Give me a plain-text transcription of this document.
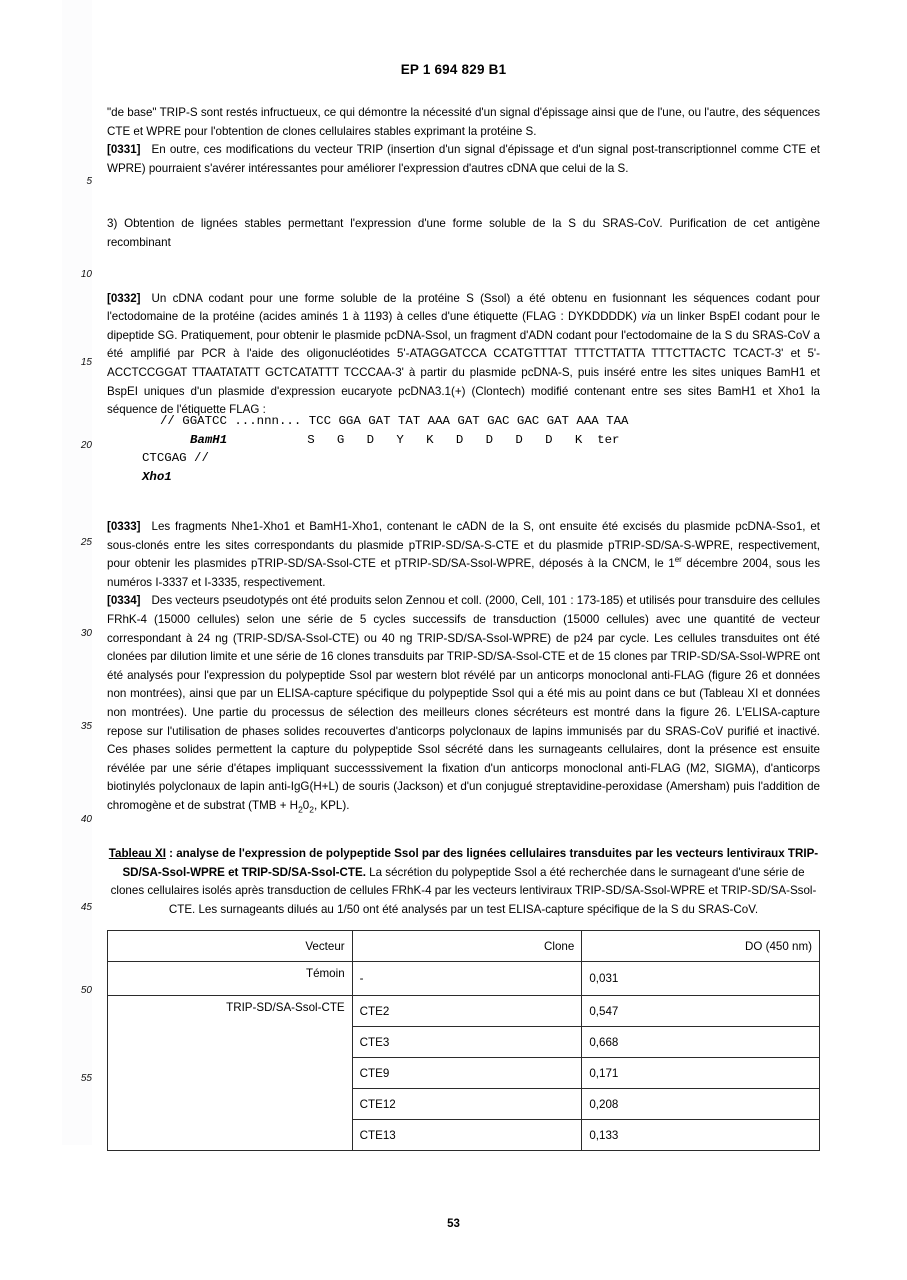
EP 1 694 829 B1
5
10
15
20
25
30
35
40
45
50
55

"de base" TRIP-S sont restés infructueux, ce qui démontre la nécessité d'un signal d'épissage ainsi que de l'une, ou l'autre, des séquences CTE et WPRE pour l'obtention de clones cellulaires stables exprimant la protéine S.

[0331] En outre, ces modifications du vecteur TRIP (insertion d'un signal d'épissage et d'un signal post-transcriptionnel comme CTE et WPRE) pourraient s'avérer intéressantes pour améliorer l'expression d'autres cDNA que celui de la S.

3) Obtention de lignées stables permettant l'expression d'une forme soluble de la S du SRAS-CoV. Purification de cet antigène recombinant

[0332] Un cDNA codant pour une forme soluble de la protéine S (Ssol) a été obtenu en fusionnant les séquences codant pour l'ectodomaine de la protéine (acides aminés 1 à 1193) à celles d'une étiquette (FLAG : DYKDDDDK) via un linker BspEI codant pour le dipeptide SG. Pratiquement, pour obtenir le plasmide pcDNA-Ssol, un fragment d'ADN codant pour l'ectodomaine de la S du SRAS-CoV a été amplifié par PCR à l'aide des oligonucléotides 5'-ATAGGATCCA CCATGTTTAT TTTCTTATTA TTTCTTACTC TCACT-3' et 5'-ACCTCCGGAT TTAATATATT GCTCATATTT TCCCAA-3' à partir du plasmide pcDNA-S, puis inséré entre les sites uniques BamH1 et BspEI uniques d'un plasmide d'expression eucaryote pcDNA3.1(+) (Clontech) modifié contenant entre ses sites BamH1 et Xho1 la séquence de l'étiquette FLAG :

// GGATCC ...nnn... TCC GGA GAT TAT AAA GAT GAC GAC GAT AAA TAA
BamH1	S   G   D   Y   K   D   D   D   D   K  ter
CTCGAG //
Xho1

[0333] Les fragments Nhe1-Xho1 et BamH1-Xho1, contenant le cADN de la S, ont ensuite été excisés du plasmide pcDNA-Sso1, et sous-clonés entre les sites correspondants du plasmide pTRIP-SD/SA-S-CTE et du plasmide pTRIP-SD/SA-S-WPRE, respectivement, pour obtenir les plasmides pTRIP-SD/SA-Ssol-CTE et pTRIP-SD/SA-Ssol-WPRE, déposés à la CNCM, le 1er décembre 2004, sous les numéros I-3337 et I-3335, respectivement.

[0334] Des vecteurs pseudotypés ont été produits selon Zennou et coll. (2000, Cell, 101 : 173-185) et utilisés pour transduire des cellules FRhK-4 (15000 cellules) selon une série de 5 cycles successifs de transduction (15000 cellules) avec une quantité de vecteur correspondant à 24 ng (TRIP-SD/SA-Ssol-CTE) ou 40 ng TRIP-SD/SA-Ssol-WPRE) de p24 par cycle. Les cellules transduites ont été clonées par dilution limite et une série de 16 clones transduits par TRIP-SD/SA-Ssol-CTE et de 15 clones par TRIP-SD/SA-Ssol-WPRE ont été analysés pour l'expression du polypeptide Ssol par western blot révélé par un anticorps monoclonal anti-FLAG (figure 26 et données non montrées), ainsi que par un ELISA-capture spécifique du polypeptide Ssol qui a été mis au point dans ce but (Tableau XI et données non montrées). Une partie du processus de sélection des meilleurs clones sécréteurs est montré dans la figure 26. L'ELISA-capture repose sur l'utilisation de phases solides recouvertes d'anticorps polyclonaux de lapins immunisés par du SRAS-CoV purifié et inactivé. Ces phases solides permettent la capture du polypeptide Ssol sécrété dans les surnageants cellulaires, dont la présence est ensuite révélée par une série d'étapes impliquant successsivement la fixation d'un anticorps monoclonal anti-FLAG (M2, SIGMA), d'anticorps biotinylés polyclonaux de lapin anti-IgG(H+L) de souris (Jackson) et d'un conjugué streptavidine-peroxidase (Amersham) puis l'addition de chromogène et de substrat ($TMB + H_20_2$, KPL).

Tableau XI : analyse de l'expression de polypeptide Ssol par des lignées cellulaires transduites par les vecteurs lentiviraux TRIP-SD/SA-Ssol-WPRE et TRIP-SD/SA-Ssol-CTE. La sécrétion du polypeptide Ssol a été recherchée dans le surnageant d'une série de clones cellulaires isolés après transduction de cellules FRhK-4 par les vecteurs lentiviraux TRIP-SD/SA-Ssol-WPRE et TRIP-SD/SA-Ssol-CTE. Les surnageants dilués au 1/50 ont été analysés par un test ELISA-capture spécifique de la S du SRAS-CoV.
Vecteur	Clone	DO (450 nm)
Témoin	-	0,031
TRIP-SD/SA-Ssol-CTE	CTE2	0,547
	CTE3	0,668
	CTE9	0,171
	CTE12	0,208
	CTE13	0,133
53
